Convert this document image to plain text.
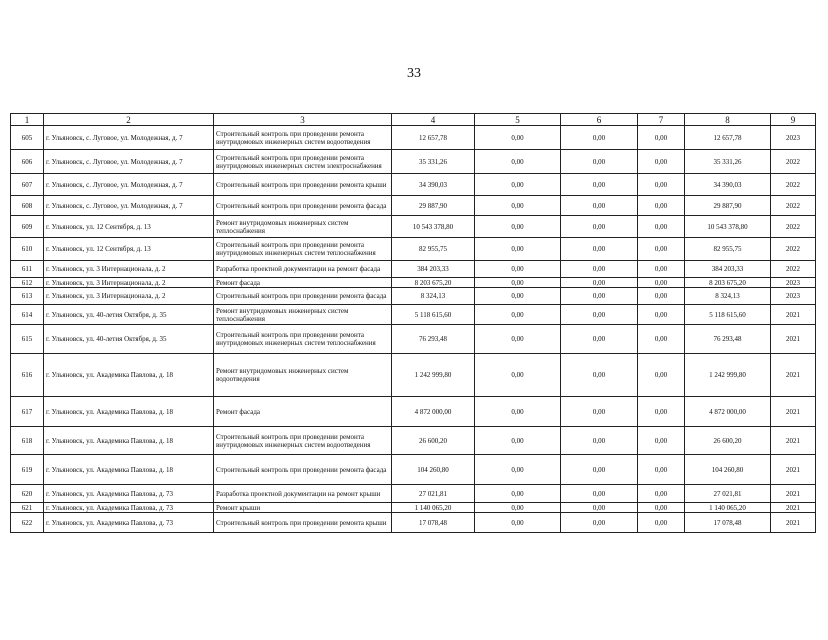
33
1	2	3	4	5	6	7	8	9
605	г. Ульяновск, с. Луговое, ул. Молодежная, д. 7	Строительный контроль при проведении ремонта внутридомовых инженерных систем водоотведения	12 657,78	0,00	0,00	0,00	12 657,78	2023
606	г. Ульяновск, с. Луговое, ул. Молодежная, д. 7	Строительный контроль при проведении ремонта внутридомовых инженерных систем электроснабжения	35 331,26	0,00	0,00	0,00	35 331,26	2022
607	г. Ульяновск, с. Луговое, ул. Молодежная, д. 7	Строительный контроль при проведении ремонта крыши	34 390,03	0,00	0,00	0,00	34 390,03	2022
608	г. Ульяновск, с. Луговое, ул. Молодежная, д. 7	Строительный контроль при проведении ремонта фасада	29 887,90	0,00	0,00	0,00	29 887,90	2022
609	г. Ульяновск, ул. 12 Сентября, д. 13	Ремонт внутридомовых инженерных систем теплоснабжения	10 543 378,80	0,00	0,00	0,00	10 543 378,80	2022
610	г. Ульяновск, ул. 12 Сентября, д. 13	Строительный контроль при проведении ремонта внутридомовых инженерных систем теплоснабжения	82 955,75	0,00	0,00	0,00	82 955,75	2022
611	г. Ульяновск, ул. 3 Интернационала, д. 2	Разработка проектной документации на ремонт фасада	384 203,33	0,00	0,00	0,00	384 203,33	2022
612	г. Ульяновск, ул. 3 Интернационала, д. 2	Ремонт фасада	8 203 675,20	0,00	0,00	0,00	8 203 675,20	2023
613	г. Ульяновск, ул. 3 Интернационала, д. 2	Строительный контроль при проведении ремонта фасада	8 324,13	0,00	0,00	0,00	8 324,13	2023
614	г. Ульяновск, ул. 40-летия Октября, д. 35	Ремонт внутридомовых инженерных систем теплоснабжения	5 118 615,60	0,00	0,00	0,00	5 118 615,60	2021
615	г. Ульяновск, ул. 40-летия Октября, д. 35	Строительный контроль при проведении ремонта внутридомовых инженерных систем теплоснабжения	76 293,48	0,00	0,00	0,00	76 293,48	2021
616	г. Ульяновск, ул. Академика Павлова, д. 18	Ремонт внутридомовых инженерных систем водоотведения	1 242 999,80	0,00	0,00	0,00	1 242 999,80	2021
617	г. Ульяновск, ул. Академика Павлова, д. 18	Ремонт фасада	4 872 000,00	0,00	0,00	0,00	4 872 000,00	2021
618	г. Ульяновск, ул. Академика Павлова, д. 18	Строительный контроль при проведении ремонта внутридомовых инженерных систем водоотведения	26 600,20	0,00	0,00	0,00	26 600,20	2021
619	г. Ульяновск, ул. Академика Павлова, д. 18	Строительный контроль при проведении ремонта фасада	104 260,80	0,00	0,00	0,00	104 260,80	2021
620	г. Ульяновск, ул. Академика Павлова, д. 73	Разработка проектной документации на ремонт крыши	27 021,81	0,00	0,00	0,00	27 021,81	2021
621	г. Ульяновск, ул. Академика Павлова, д. 73	Ремонт крыши	1 140 065,20	0,00	0,00	0,00	1 140 065,20	2021
622	г. Ульяновск, ул. Академика Павлова, д. 73	Строительный контроль при проведении ремонта крыши	17 078,48	0,00	0,00	0,00	17 078,48	2021
